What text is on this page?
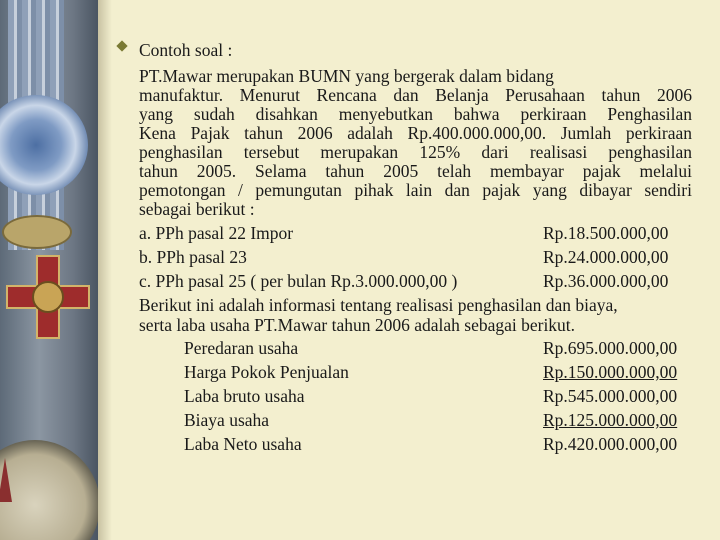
Contoh soal :
PT.Mawar merupakan BUMN yang bergerak dalam bidang
manufaktur. Menurut Rencana dan Belanja Perusahaan tahun 2006
yang sudah disahkan menyebutkan bahwa perkiraan Penghasilan
Kena Pajak tahun 2006 adalah Rp.400.000.000,00. Jumlah perkiraan
penghasilan tersebut merupakan 125% dari realisasi penghasilan
tahun 2005. Selama tahun 2005 telah membayar pajak melalui
pemotongan / pemungutan pihak lain dan pajak yang dibayar sendiri
sebagai berikut :
a. PPh pasal 22 Impor	Rp.18.500.000,00
b. PPh pasal 23	Rp.24.000.000,00
c. PPh pasal 25 ( per bulan Rp.3.000.000,00 )	Rp.36.000.000,00
Berikut ini adalah informasi tentang realisasi penghasilan dan biaya,
serta laba usaha PT.Mawar tahun 2006 adalah sebagai berikut.
Peredaran usaha	Rp.695.000.000,00
Harga Pokok Penjualan	Rp.150.000.000,00
Laba bruto usaha	Rp.545.000.000,00
Biaya usaha	Rp.125.000.000,00
Laba Neto usaha	Rp.420.000.000,00
